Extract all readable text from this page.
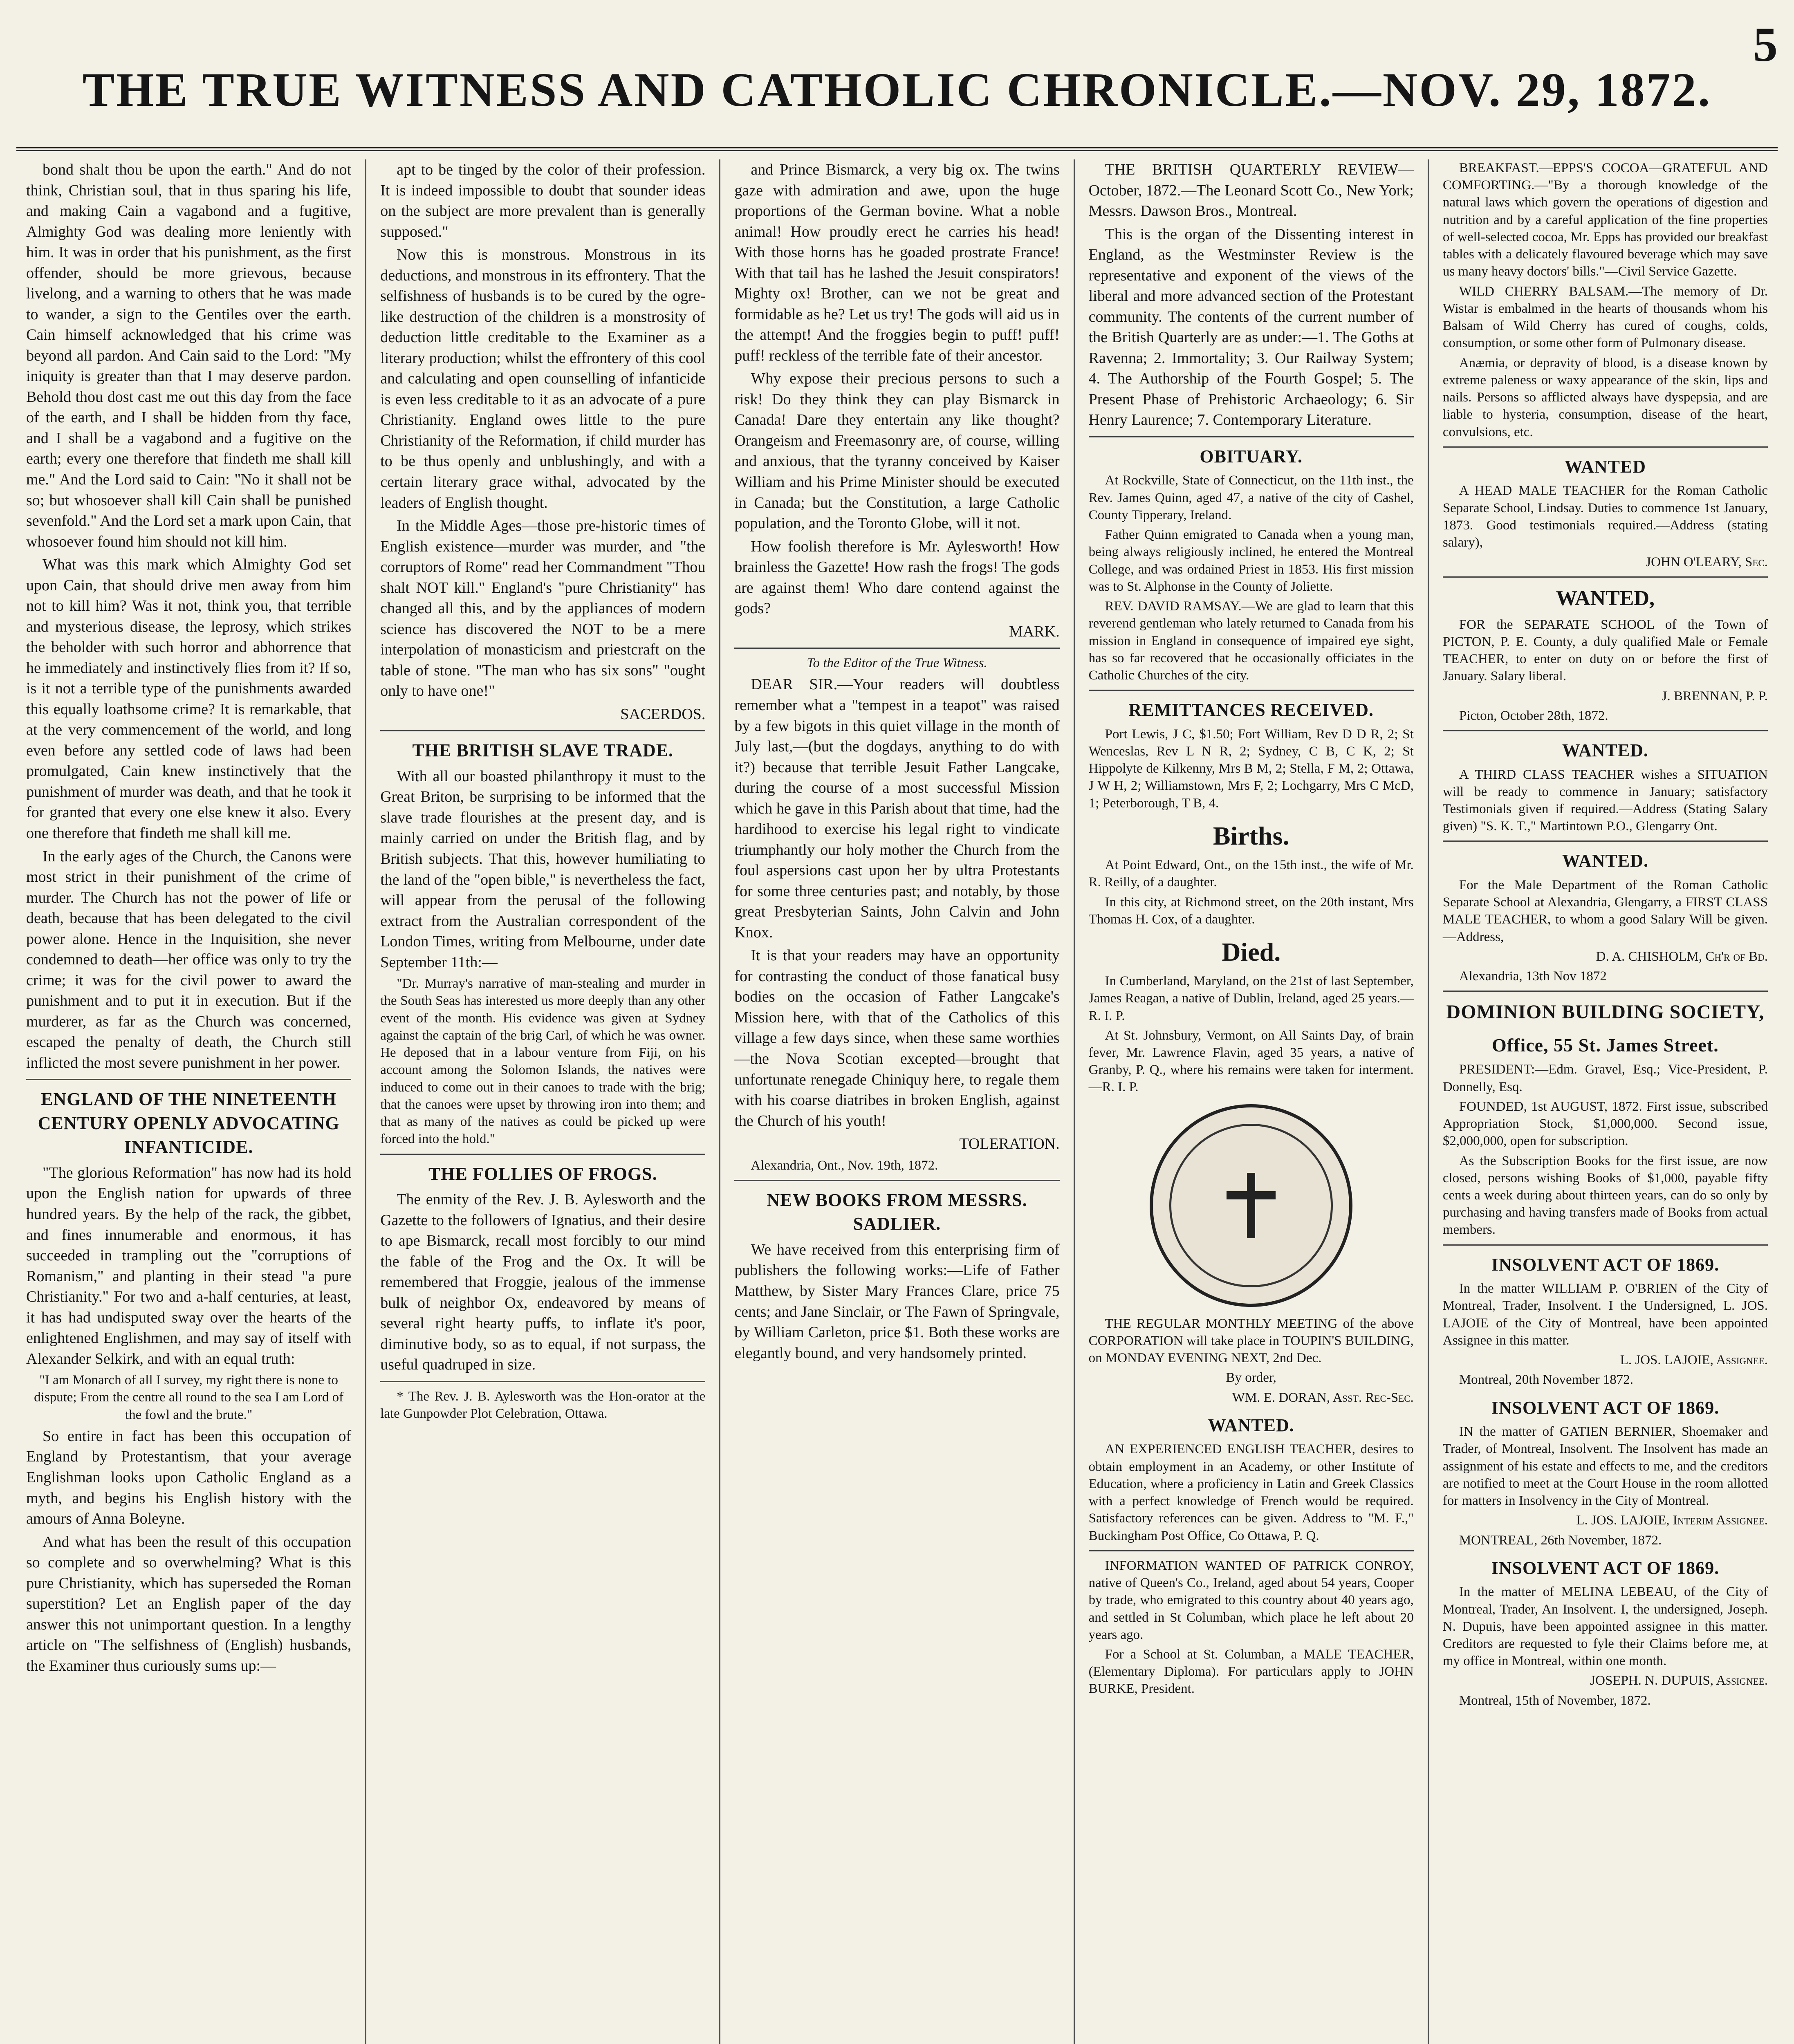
5
THE TRUE WITNESS AND CATHOLIC CHRONICLE.—NOV. 29, 1872.

bond shalt thou be upon the earth." And do not think, Christian soul, that in thus sparing his life, and making Cain a vagabond and a fugitive, Almighty God was dealing more leniently with him. It was in order that his punishment, as the first offender, should be more grievous, because livelong, and a warning to others that he was made to wander, a sign to the Gentiles over the earth. Cain himself acknowledged that his crime was beyond all pardon. And Cain said to the Lord: "My iniquity is greater than that I may deserve pardon. Behold thou dost cast me out this day from the face of the earth, and I shall be hidden from thy face, and I shall be a vagabond and a fugitive on the earth; every one therefore that findeth me shall kill me." And the Lord said to Cain: "No it shall not be so; but whosoever shall kill Cain shall be punished sevenfold." And the Lord set a mark upon Cain, that whosoever found him should not kill him.

What was this mark which Almighty God set upon Cain, that should drive men away from him not to kill him? Was it not, think you, that terrible and mysterious disease, the leprosy, which strikes the beholder with such horror and abhorrence that he immediately and instinctively flies from it? If so, is it not a terrible type of the punishments awarded this equally loathsome crime? It is remarkable, that at the very commencement of the world, and long even before any settled code of laws had been promulgated, Cain knew instinctively that the punishment of murder was death, and that he took it for granted that every one else knew it also. Every one therefore that findeth me shall kill me.

In the early ages of the Church, the Canons were most strict in their punishment of the crime of murder. The Church has not the power of life or death, because that has been delegated to the civil power alone. Hence in the Inquisition, she never condemned to death—her office was only to try the crime; it was for the civil power to award the punishment and to put it in execution. But if the murderer, as far as the Church was concerned, escaped the penalty of death, the Church still inflicted the most severe punishment in her power.

ENGLAND OF THE NINETEENTH CENTURY OPENLY ADVOCATING INFANTICIDE.

"The glorious Reformation" has now had its hold upon the English nation for upwards of three hundred years. By the help of the rack, the gibbet, and fines innumerable and enormous, it has succeeded in trampling out the "corruptions of Romanism," and planting in their stead "a pure Christianity." For two and a-half centuries, at least, it has had undisputed sway over the hearts of the enlightened Englishmen, and may say of itself with Alexander Selkirk, and with an equal truth:

"I am Monarch of all I survey, my right there is none to dispute; From the centre all round to the sea I am Lord of the fowl and the brute."

So entire in fact has been this occupation of England by Protestantism, that your average Englishman looks upon Catholic England as a myth, and begins his English history with the amours of Anna Boleyne.

And what has been the result of this occupation so complete and so overwhelming? What is this pure Christianity, which has superseded the Roman superstition? Let an English paper of the day answer this not unimportant question. In a lengthy article on "The selfishness of (English) husbands, the Examiner thus curiously sums up:—

apt to be tinged by the color of their profession. It is indeed impossible to doubt that sounder ideas on the subject are more prevalent than is generally supposed."

Now this is monstrous. Monstrous in its deductions, and monstrous in its effrontery. That the selfishness of husbands is to be cured by the ogre-like destruction of the children is a monstrosity of deduction little creditable to the Examiner as a literary production; whilst the effrontery of this cool and calculating and open counselling of infanticide is even less creditable to it as an advocate of a pure Christianity. England owes little to the pure Christianity of the Reformation, if child murder has to be thus openly and unblushingly, and with a certain literary grace withal, advocated by the leaders of English thought.

In the Middle Ages—those pre-historic times of English existence—murder was murder, and "the corruptors of Rome" read her Commandment "Thou shalt NOT kill." England's "pure Christianity" has changed all this, and by the appliances of modern science has discovered the NOT to be a mere interpolation of monasticism and priestcraft on the table of stone. "The man who has six sons" "ought only to have one!"

SACERDOS.

THE BRITISH SLAVE TRADE.

With all our boasted philanthropy it must to the Great Briton, be surprising to be informed that the slave trade flourishes at the present day, and is mainly carried on under the British flag, and by British subjects. That this, however humiliating to the land of the "open bible," is nevertheless the fact, will appear from the perusal of the following extract from the Australian correspondent of the London Times, writing from Melbourne, under date September 11th:—

"Dr. Murray's narrative of man-stealing and murder in the South Seas has interested us more deeply than any other event of the month. His evidence was given at Sydney against the captain of the brig Carl, of which he was owner. He deposed that in a labour venture from Fiji, on his account among the Solomon Islands, the natives were induced to come out in their canoes to trade with the brig; that the canoes were upset by throwing iron into them; and that as many of the natives as could be picked up were forced into the hold."

THE FOLLIES OF FROGS.

The enmity of the Rev. J. B. Aylesworth and the Gazette to the followers of Ignatius, and their desire to ape Bismarck, recall most forcibly to our mind the fable of the Frog and the Ox. It will be remembered that Froggie, jealous of the immense bulk of neighbor Ox, endeavored by means of several right hearty puffs, to inflate it's poor, diminutive body, so as to equal, if not surpass, the useful quadruped in size.

* The Rev. J. B. Aylesworth was the Hon-orator at the late Gunpowder Plot Celebration, Ottawa.

and Prince Bismarck, a very big ox. The twins gaze with admiration and awe, upon the huge proportions of the German bovine. What a noble animal! How proudly erect he carries his head! With those horns has he goaded prostrate France! With that tail has he lashed the Jesuit conspirators! Mighty ox! Brother, can we not be great and formidable as he? Let us try! The gods will aid us in the attempt! And the froggies begin to puff! puff! puff! reckless of the terrible fate of their ancestor.

Why expose their precious persons to such a risk! Do they think they can play Bismarck in Canada! Dare they entertain any like thought? Orangeism and Freemasonry are, of course, willing and anxious, that the tyranny conceived by Kaiser William and his Prime Minister should be executed in Canada; but the Constitution, a large Catholic population, and the Toronto Globe, will it not.

How foolish therefore is Mr. Aylesworth! How brainless the Gazette! How rash the frogs! The gods are against them! Who dare contend against the gods?

MARK.

To the Editor of the True Witness.

DEAR SIR.—Your readers will doubtless remember what a "tempest in a teapot" was raised by a few bigots in this quiet village in the month of July last,—(but the dogdays, anything to do with it?) because that terrible Jesuit Father Langcake, during the course of a most successful Mission which he gave in this Parish about that time, had the hardihood to exercise his legal right to vindicate triumphantly our holy mother the Church from the foul aspersions cast upon her by ultra Protestants for some three centuries past; and notably, by those great Presbyterian Saints, John Calvin and John Knox.

It is that your readers may have an opportunity for contrasting the conduct of those fanatical busy bodies on the occasion of Father Langcake's Mission here, with that of the Catholics of this village a few days since, when these same worthies—the Nova Scotian excepted—brought that unfortunate renegade Chiniquy here, to regale them with his coarse diatribes in broken English, against the Church of his youth!

TOLERATION.

Alexandria, Ont., Nov. 19th, 1872.

NEW BOOKS FROM MESSRS. SADLIER.

We have received from this enterprising firm of publishers the following works:—Life of Father Matthew, by Sister Mary Frances Clare, price 75 cents; and Jane Sinclair, or The Fawn of Springvale, by William Carleton, price $1. Both these works are elegantly bound, and very handsomely printed.

THE BRITISH QUARTERLY REVIEW—October, 1872.—The Leonard Scott Co., New York; Messrs. Dawson Bros., Montreal.

This is the organ of the Dissenting interest in England, as the Westminster Review is the representative and exponent of the views of the liberal and more advanced section of the Protestant community. The contents of the current number of the British Quarterly are as under:—1. The Goths at Ravenna; 2. Immortality; 3. Our Railway System; 4. The Authorship of the Fourth Gospel; 5. The Present Phase of Prehistoric Archaeology; 6. Sir Henry Laurence; 7. Contemporary Literature.

OBITUARY.

At Rockville, State of Connecticut, on the 11th inst., the Rev. James Quinn, aged 47, a native of the city of Cashel, County Tipperary, Ireland.

Father Quinn emigrated to Canada when a young man, being always religiously inclined, he entered the Montreal College, and was ordained Priest in 1853. His first mission was to St. Alphonse in the County of Joliette.

REV. DAVID RAMSAY.—We are glad to learn that this reverend gentleman who lately returned to Canada from his mission in England in consequence of impaired eye sight, has so far recovered that he occasionally officiates in the Catholic Churches of the city.

REMITTANCES RECEIVED.

Port Lewis, J C, $1.50; Fort William, Rev D D R, 2; St Wenceslas, Rev L N R, 2; Sydney, C B, C K, 2; St Hippolyte de Kilkenny, Mrs B M, 2; Stella, F M, 2; Ottawa, J W H, 2; Williamstown, Mrs F, 2; Lochgarry, Mrs C McD, 1; Peterborough, T B, 4.

Births.

At Point Edward, Ont., on the 15th inst., the wife of Mr. R. Reilly, of a daughter.

In this city, at Richmond street, on the 20th instant, Mrs Thomas H. Cox, of a daughter.

Died.

In Cumberland, Maryland, on the 21st of last September, James Reagan, a native of Dublin, Ireland, aged 25 years.—R. I. P.

At St. Johnsbury, Vermont, on All Saints Day, of brain fever, Mr. Lawrence Flavin, aged 35 years, a native of Granby, P. Q., where his remains were taken for interment.—R. I. P.

THE REGULAR MONTHLY MEETING of the above CORPORATION will take place in TOUPIN'S BUILDING, on MONDAY EVENING NEXT, 2nd Dec.

By order,

WM. E. DORAN, Asst. Rec-Sec.

WANTED.

AN EXPERIENCED ENGLISH TEACHER, desires to obtain employment in an Academy, or other Institute of Education, where a proficiency in Latin and Greek Classics with a perfect knowledge of French would be required. Satisfactory references can be given. Address to "M. F.," Buckingham Post Office, Co Ottawa, P. Q.

INFORMATION WANTED OF PATRICK CONROY, native of Queen's Co., Ireland, aged about 54 years, Cooper by trade, who emigrated to this country about 40 years ago, and settled in St Columban, which place he left about 20 years ago.

For a School at St. Columban, a MALE TEACHER, (Elementary Diploma). For particulars apply to JOHN BURKE, President.

BREAKFAST.—EPPS'S COCOA—GRATEFUL AND COMFORTING.—"By a thorough knowledge of the natural laws which govern the operations of digestion and nutrition and by a careful application of the fine properties of well-selected cocoa, Mr. Epps has provided our breakfast tables with a delicately flavoured beverage which may save us many heavy doctors' bills."—Civil Service Gazette.

WILD CHERRY BALSAM.—The memory of Dr. Wistar is embalmed in the hearts of thousands whom his Balsam of Wild Cherry has cured of coughs, colds, consumption, or some other form of Pulmonary disease.

Anæmia, or depravity of blood, is a disease known by extreme paleness or waxy appearance of the skin, lips and nails. Persons so afflicted always have dyspepsia, and are liable to hysteria, consumption, disease of the heart, convulsions, etc.

WANTED

A HEAD MALE TEACHER for the Roman Catholic Separate School, Lindsay. Duties to commence 1st January, 1873. Good testimonials required.—Address (stating salary),

JOHN O'LEARY, Sec.

WANTED,

FOR the SEPARATE SCHOOL of the Town of PICTON, P. E. County, a duly qualified Male or Female TEACHER, to enter on duty on or before the first of January. Salary liberal.

J. BRENNAN, P. P.

Picton, October 28th, 1872.

WANTED.

A THIRD CLASS TEACHER wishes a SITUATION will be ready to commence in January; satisfactory Testimonials given if required.—Address (Stating Salary given) "S. K. T.," Martintown P.O., Glengarry Ont.

WANTED.

For the Male Department of the Roman Catholic Separate School at Alexandria, Glengarry, a FIRST CLASS MALE TEACHER, to whom a good Salary Will be given.—Address,

D. A. CHISHOLM, Ch'r of Bd.

Alexandria, 13th Nov 1872

DOMINION BUILDING SOCIETY,
Office, 55 St. James Street.

PRESIDENT:—Edm. Gravel, Esq.; Vice-President, P. Donnelly, Esq.

FOUNDED, 1st AUGUST, 1872. First issue, subscribed Appropriation Stock, $1,000,000. Second issue, $2,000,000, open for subscription.

As the Subscription Books for the first issue, are now closed, persons wishing Books of $1,000, payable fifty cents a week during about thirteen years, can do so only by purchasing and having transfers made of Books from actual members.

INSOLVENT ACT OF 1869.

In the matter WILLIAM P. O'BRIEN of the City of Montreal, Trader, Insolvent. I the Undersigned, L. JOS. LAJOIE of the City of Montreal, have been appointed Assignee in this matter.

L. JOS. LAJOIE, Assignee.

Montreal, 20th November 1872.

INSOLVENT ACT OF 1869.

IN the matter of GATIEN BERNIER, Shoemaker and Trader, of Montreal, Insolvent. The Insolvent has made an assignment of his estate and effects to me, and the creditors are notified to meet at the Court House in the room allotted for matters in Insolvency in the City of Montreal.

L. JOS. LAJOIE, Interim Assignee.

MONTREAL, 26th November, 1872.

INSOLVENT ACT OF 1869.

In the matter of MELINA LEBEAU, of the City of Montreal, Trader, An Insolvent. I, the undersigned, Joseph. N. Dupuis, have been appointed assignee in this matter. Creditors are requested to fyle their Claims before me, at my office in Montreal, within one month.

JOSEPH. N. DUPUIS, Assignee.

Montreal, 15th of November, 1872.
